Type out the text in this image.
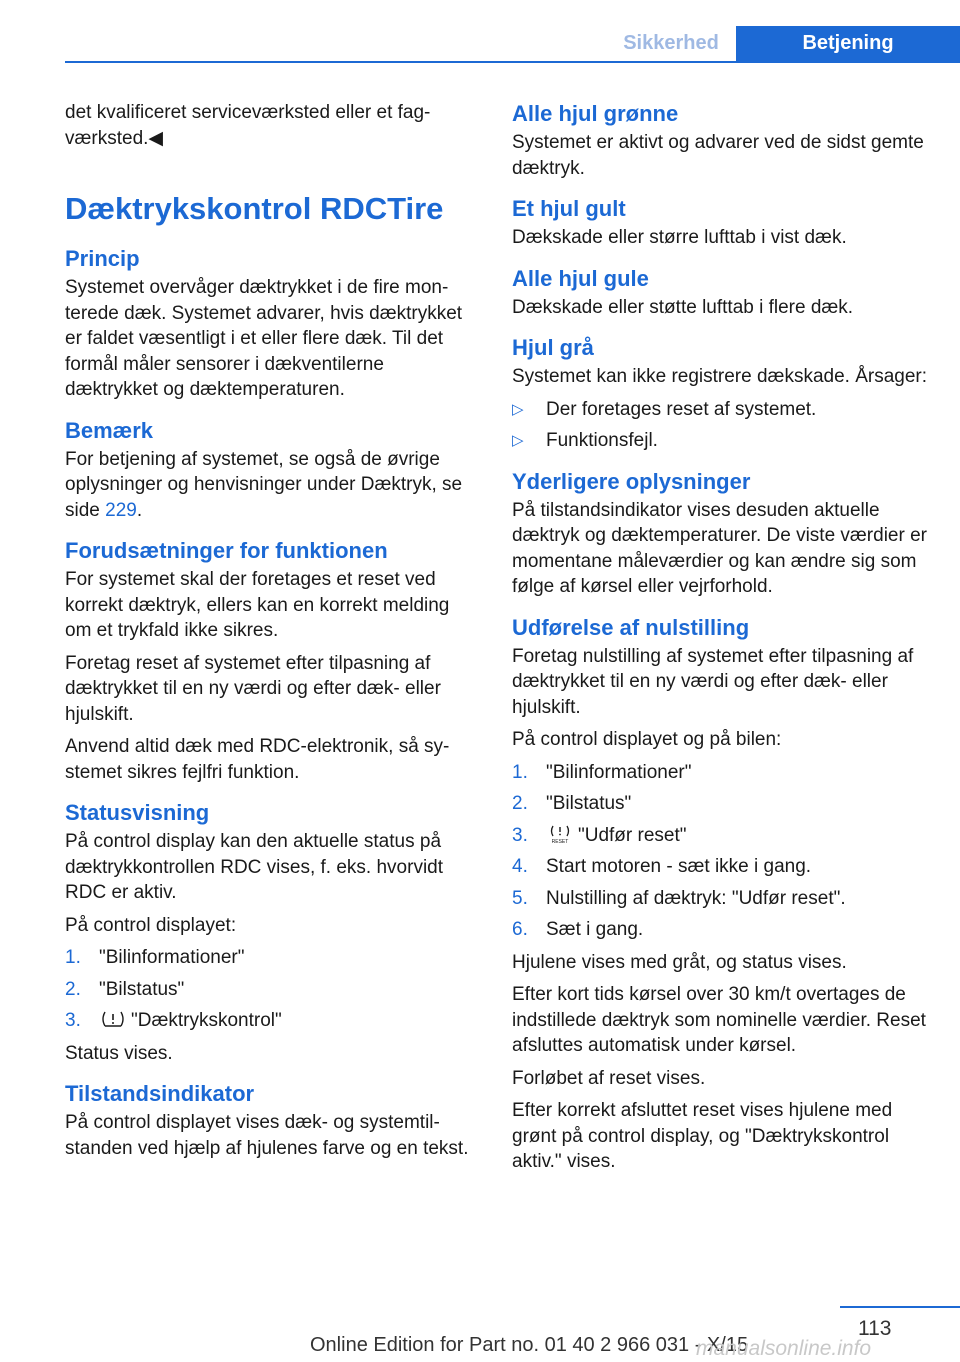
Sikkerhed	Betjening

det kvalificeret serviceværksted eller et fagværksted.◀

Dæktrykskontrol RDCTire
Princip

Systemet overvåger dæktrykket i de fire monterede dæk. Systemet advarer, hvis dæktrykket er faldet væsentligt i et eller flere dæk. Til det formål måler sensorer i dækventilerne dæktrykket og dæktemperaturen.

Bemærk

For betjening af systemet, se også de øvrige oplysninger og henvisninger under Dæktryk, se side 229.

Forudsætninger for funktionen

For systemet skal der foretages et reset ved korrekt dæktryk, ellers kan en korrekt melding om et trykfald ikke sikres.

Foretag reset af systemet efter tilpasning af dæktrykket til en ny værdi og efter dæk- eller hjulskift.

Anvend altid dæk med RDC-elektronik, så systemet sikres fejlfri funktion.

Statusvisning

På control display kan den aktuelle status på dæktrykkontrollen RDC vises, f. eks. hvorvidt RDC er aktiv.

På control displayet:

1. "Bilinformationer"
2. "Bilstatus"
3.	"Dæktrykskontrol"

Status vises.

Tilstandsindikator

På control displayet vises dæk- og systemtilstanden ved hjælp af hjulenes farve og en tekst.

Alle hjul grønne

Systemet er aktivt og advarer ved de sidst gemte dæktryk.

Et hjul gult

Dækskade eller større lufttab i vist dæk.

Alle hjul gule

Dækskade eller støtte lufttab i flere dæk.

Hjul grå

Systemet kan ikke registrere dækskade. Årsager:

▷ Der foretages reset af systemet.
▷ Funktionsfejl.
Yderligere oplysninger

På tilstandsindikator vises desuden aktuelle dæktryk og dæktemperaturer. De viste værdier er momentane måleværdier og kan ændre sig som følge af kørsel eller vejrforhold.

Udførelse af nulstilling

Foretag nulstilling af systemet efter tilpasning af dæktrykket til en ny værdi og efter dæk- eller hjulskift.

På control displayet og på bilen:

1. "Bilinformationer"
2. "Bilstatus"
3.	RESET "Udfør reset"
4. Start motoren - sæt ikke i gang.
5. Nulstilling af dæktryk: "Udfør reset".
6. Sæt i gang.

Hjulene vises med gråt, og status vises.

Efter kort tids kørsel over 30 km/t overtages de indstillede dæktryk som nominelle værdier. Reset afsluttes automatisk under kørsel.

Forløbet af reset vises.

Efter korrekt afsluttet reset vises hjulene med grønt på control display, og "Dæktrykskontrol aktiv." vises.

113
Online Edition for Part no. 01 40 2 966 031 - X/15
manualsonline.info
